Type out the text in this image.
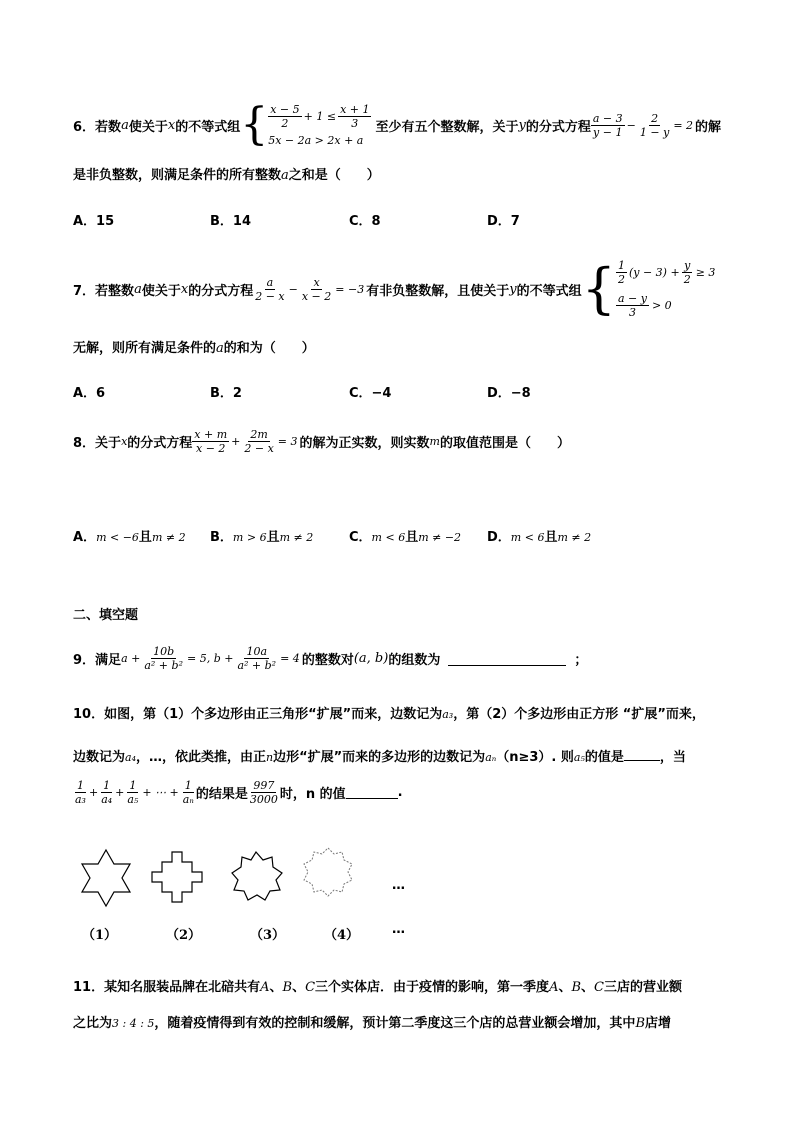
6． 若数 a 使关于 x 的不等式组 { $\frac{x - 5}{2} + 1 \le \frac{x + 1}{3}$
5x − 2a > 2x + a
至少有五个整数解，关于 y 的分式方程 $\frac{a - 3}{y - 1} - \frac{2}{1 - y} = 2$ 的解
是非负整数，则满足条件的所有整数a之和是（　　）
A．15	B．14	C．8	D．7
7． 若整数 a 使关于 x 的分式方程 $\frac{a}{2 - x} - \frac{x}{x - 2} = -3$ 有非负整数解，且使关于 y 的不等式组 { $\frac{1}{2} (y - 3) + \frac{y}{2} \ge 3$
$\frac{a - y}{3} > 0$
无解，则所有满足条件的a的和为（　　）
A．6	B．2	C．−4	D．−8
8． 关于 x 的分式方程 $\frac{x + m}{x - 2} + \frac{2m}{2 - x} = 3$ 的解为正实数，则实数 m 的取值范围是（　　）
A．m < −6且m ≠ 2 B．m > 6且m ≠ 2	C．m < 6且m ≠ −2 D．m < 6且m ≠ 2
二、填空题
9． 满足 $a + \frac{10b}{\text{a² + b²}} = 5$, $b + \frac{10a}{\text{a² + b²}} = 4$ 的整数对 (a, b) 的组数为	；
10．如图，第（1）个多边形由正三角形“扩展”而来，边数记为a₃，第（2）个多边形由正方形 “扩展”而来，
边数记为a₄，…，依此类推，由正n边形“扩展”而来的多边形的边数记为aₙ（n≥3）. 则a₅的值是	，当
$\frac{1}{\text{a₃}} + \frac{1}{\text{a₄}} + \frac{1}{\text{a₅}}$ + ⋯ + $\frac{1}{\text{aₙ}}$ 的结果是 $\frac{997}{3000}$ 时，n 的值	.
…
（1）	（2）	（3）	（4）	…
11．某知名服装品牌在北碚共有A、B、C三个实体店．由于疫情的影响，第一季度A、B、C三店的营业额
之比为3 : 4 : 5，随着疫情得到有效的控制和缓解，预计第二季度这三个店的总营业额会增加，其中B店增
